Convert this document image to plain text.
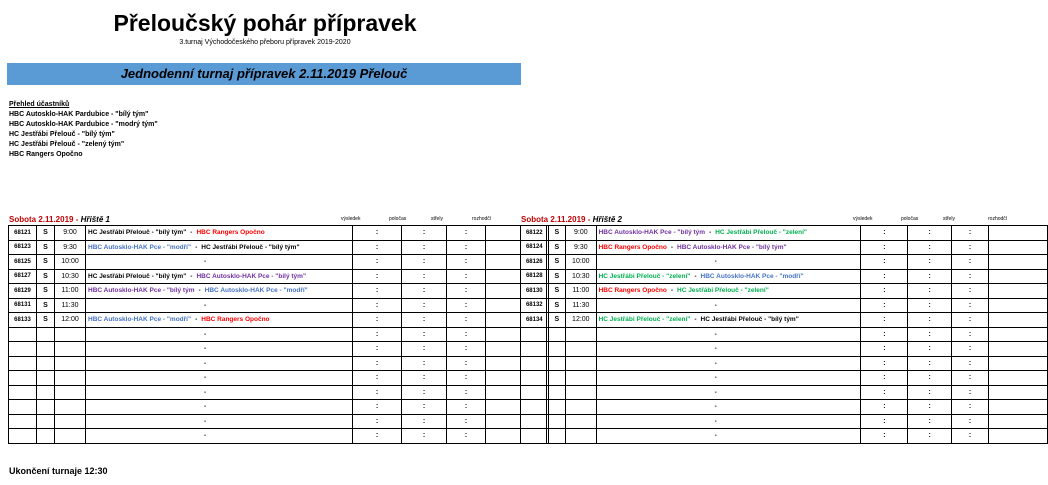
Přeloučský pohár přípravek
3.turnaj Východočeského přeboru přípravek 2019-2020
Jednodenní turnaj přípravek 2.11.2019 Přelouč
Přehled účastníků
HBC Autosklo-HAK Pardubice - "bílý tým"
HBC Autosklo-HAK Pardubice - "modrý tým"
HC Jestřábi Přelouč - "bílý tým"
HC Jestřábi Přelouč - "zelený tým"
HBC Rangers Opočno
Sobota 2.11.2019 - Hřiště 1	výsledek	poločas	střely	rozhodčí
68121	S	9:00	HC Jestřábi Přelouč - "bílý tým" - HBC Rangers Opočno	:	:	:	
68123	S	9:30	HBC Autosklo-HAK Pce - "modří" - HC Jestřábi Přelouč - "bílý tým"	:	:	:	
68125	S	10:00	-	:	:	:	
68127	S	10:30	HC Jestřábi Přelouč - "bílý tým" - HBC Autosklo-HAK Pce - "bílý tým"	:	:	:	
68129	S	11:00	HBC Autosklo-HAK Pce - "bílý tým - HBC Autosklo-HAK Pce - "modří"	:	:	:	
68131	S	11:30	-	:	:	:	
68133	S	12:00	HBC Autosklo-HAK Pce - "modří" - HBC Rangers Opočno	:	:	:	
			-	:	:	:	
			-	:	:	:	
			-	:	:	:	
			-	:	:	:	
			-	:	:	:	
			-	:	:	:	
			-	:	:	:	
			-	:	:	:	
Sobota 2.11.2019 - Hřiště 2	výsledek	poločas	střely	rozhodčí
68122	S	9:00	HBC Autosklo-HAK Pce - "bílý tým - HC Jestřábi Přelouč - "zelení"	:	:	:	
68124	S	9:30	HBC Rangers Opočno - HBC Autosklo-HAK Pce - "bílý tým"	:	:	:	
68126	S	10:00	-	:	:	:	
68128	S	10:30	HC Jestřábi Přelouč - "zelení" - HBC Autosklo-HAK Pce - "modří"	:	:	:	
68130	S	11:00	HBC Rangers Opočno - HC Jestřábi Přelouč - "zelení"	:	:	:	
68132	S	11:30	-	:	:	:	
68134	S	12:00	HC Jestřábi Přelouč - "zelení" - HC Jestřábi Přelouč - "bílý tým"	:	:	:	
			-	:	:	:	
			-	:	:	:	
			-	:	:	:	
			-	:	:	:	
			-	:	:	:	
			-	:	:	:	
			-	:	:	:	
			-	:	:	:	
Ukončení turnaje 12:30
